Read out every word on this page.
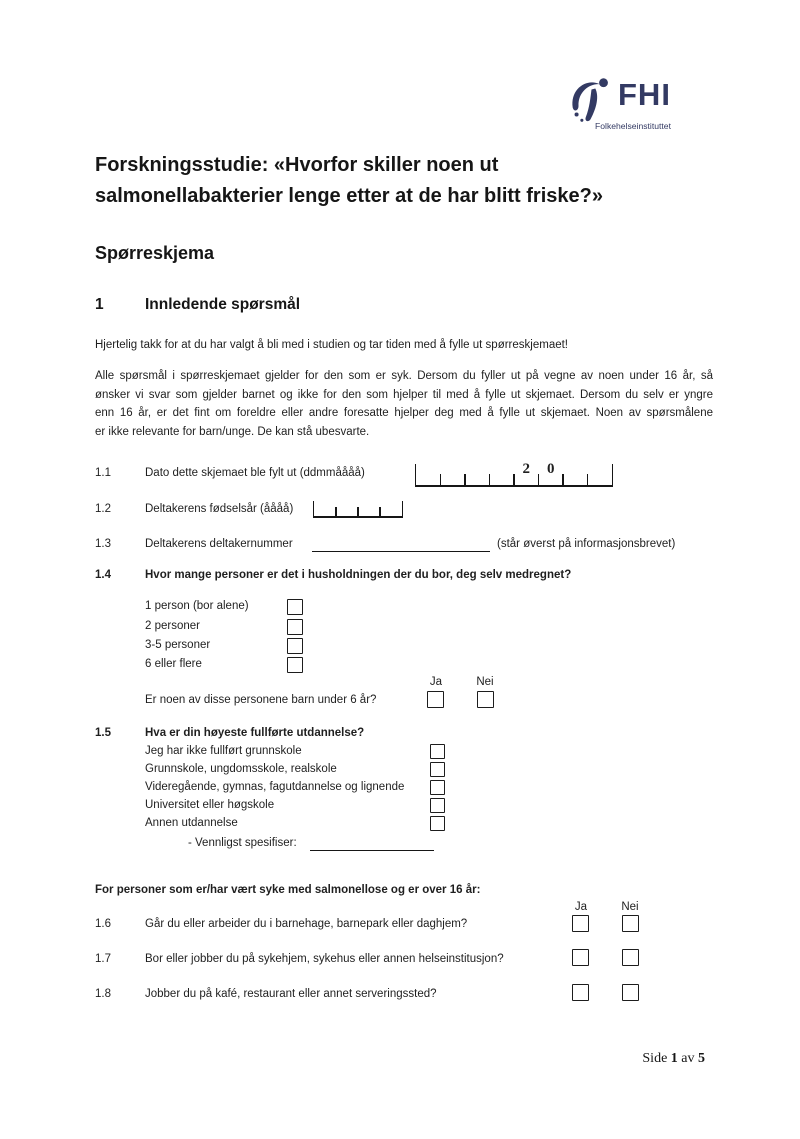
FHI
Folkehelseinstituttet
Forskningsstudie: «Hvorfor skiller noen ut
salmonellabakterier lenge etter at de har blitt friske?»
Spørreskjema
1	Innledende spørsmål
Hjertelig takk for at du har valgt å bli med i studien og tar tiden med å fylle ut spørreskjemaet!
Alle spørsmål i spørreskjemaet gjelder for den som er syk. Dersom du fyller ut på vegne av noen under 16 år, så
ønsker vi svar som gjelder barnet og ikke for den som hjelper til med å fylle ut skjemaet. Dersom du selv er yngre
enn 16 år, er det fint om foreldre eller andre foresatte hjelper deg med å fylle ut skjemaet. Noen av spørsmålene
er ikke relevante for barn/unge. De kan stå ubesvarte.
1.1	Dato dette skjemaet ble fylt ut (ddmmåååå)	2 0
1.2	Deltakerens fødselsår (åååå)
1.3	Deltakerens deltakernummer	(står øverst på informasjonsbrevet)
1.4	Hvor mange personer er det i husholdningen der du bor, deg selv medregnet?
1 person (bor alene)
2 personer
3-5 personer
6 eller flere
Ja	Nei
Er noen av disse personene barn under 6 år?
1.5	Hva er din høyeste fullførte utdannelse?
Jeg har ikke fullført grunnskole
Grunnskole, ungdomsskole, realskole
Videregående, gymnas, fagutdannelse og lignende
Universitet eller høgskole
Annen utdannelse
- Vennligst spesifiser:
For personer som er/har vært syke med salmonellose og er over 16 år:
Ja	Nei
1.6	Går du eller arbeider du i barnehage, barnepark eller daghjem?
1.7	Bor eller jobber du på sykehjem, sykehus eller annen helseinstitusjon?
1.8	Jobber du på kafé, restaurant eller annet serveringssted?
Side 1 av 5
